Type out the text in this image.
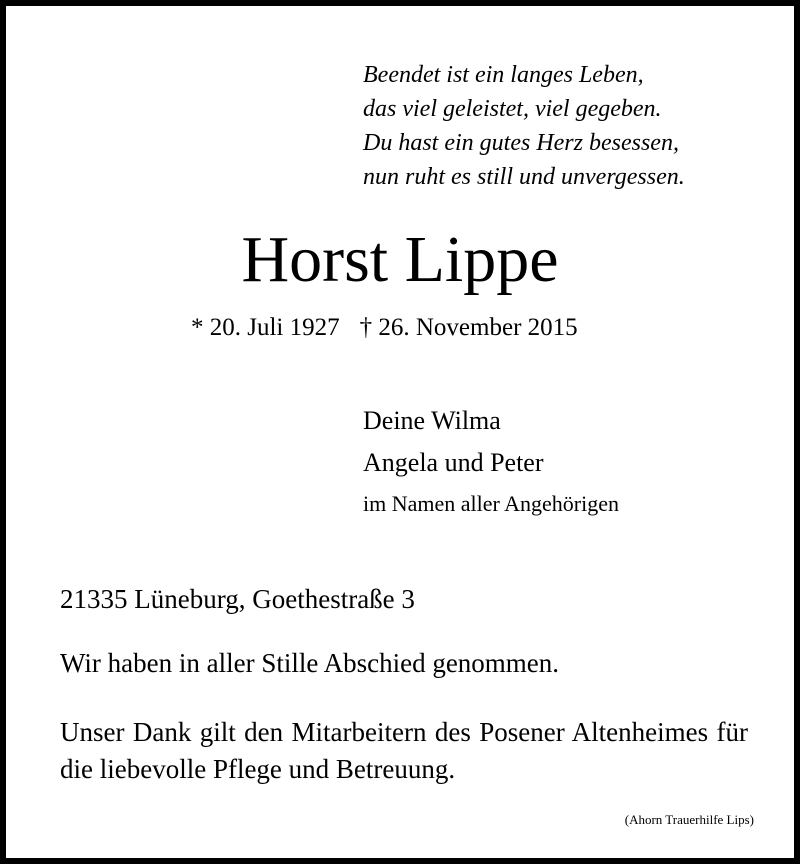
Beendet ist ein langes Leben,
das viel geleistet, viel gegeben.
Du hast ein gutes Herz besessen,
nun ruht es still und unvergessen.
Horst Lippe
* 20. Juli 1927 † 26. November 2015
Deine Wilma
Angela und Peter
im Namen aller Angehörigen
21335 Lüneburg, Goethestraße 3
Wir haben in aller Stille Abschied genommen.
Unser Dank gilt den Mitarbeitern des Posener Altenheimes für die liebevolle Pflege und Betreuung.
(Ahorn Trauerhilfe Lips)
